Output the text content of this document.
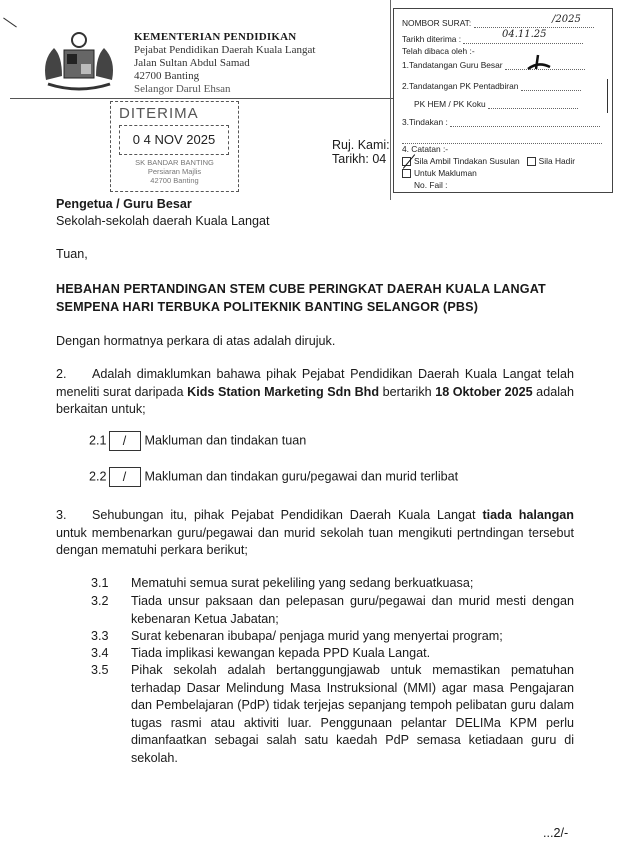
KEMENTERIAN PENDIDIKAN
Pejabat Pendidikan Daerah Kuala Langat
Jalan Sultan Abdul Samad
42700 Banting
Selangor Darul Ehsan
DITERIMA
0 4 NOV 2025
SK BANDAR BANTING
Persiaran Majlis
42700 Banting
Ruj. Kami:
Tarikh: 04
NOMBOR SURAT:	/2025
Tarikh diterima :	04.11.25
Telah dibaca oleh :-
1.Tandatangan Guru Besar
2.Tandatangan PK Pentadbiran
PK HEM / PK Koku
3.Tindakan :
4. Catatan :-
Sila Ambil Tindakan Susulan Sila Hadir
Untuk Makluman
No. Fail :
Pengetua / Guru Besar
Sekolah-sekolah daerah Kuala Langat
Tuan,
HEBAHAN PERTANDINGAN STEM CUBE PERINGKAT DAERAH KUALA LANGAT
SEMPENA HARI TERBUKA POLITEKNIK BANTING SELANGOR (PBS)
Dengan hormatnya perkara di atas adalah dirujuk.
2. Adalah dimaklumkan bahawa pihak Pejabat Pendidikan Daerah Kuala Langat telah meneliti surat daripada Kids Station Marketing Sdn Bhd bertarikh 18 Oktober 2025 adalah berkaitan untuk;
2.1 / Makluman dan tindakan tuan
2.2 / Makluman dan tindakan guru/pegawai dan murid terlibat
3. Sehubungan itu, pihak Pejabat Pendidikan Daerah Kuala Langat tiada halangan untuk membenarkan guru/pegawai dan murid sekolah tuan mengikuti pertndingan tersebut dengan mematuhi perkara berikut;
3.1 Mematuhi semua surat pekeliling yang sedang berkuatkuasa;
3.2 Tiada unsur paksaan dan pelepasan guru/pegawai dan murid mesti dengan kebenaran Ketua Jabatan;
3.3 Surat kebenaran ibubapa/ penjaga murid yang menyertai program;
3.4 Tiada implikasi kewangan kepada PPD Kuala Langat.
3.5 Pihak sekolah adalah bertanggungjawab untuk memastikan pematuhan terhadap Dasar Melindung Masa Instruksional (MMI) agar masa Pengajaran dan Pembelajaran (PdP) tidak terjejas sepanjang tempoh pelibatan guru dalam tugas rasmi atau aktiviti luar. Penggunaan pelantar DELIMa KPM perlu dimanfaatkan sebagai salah satu kaedah PdP semasa ketiadaan guru di sekolah.
...2/-
